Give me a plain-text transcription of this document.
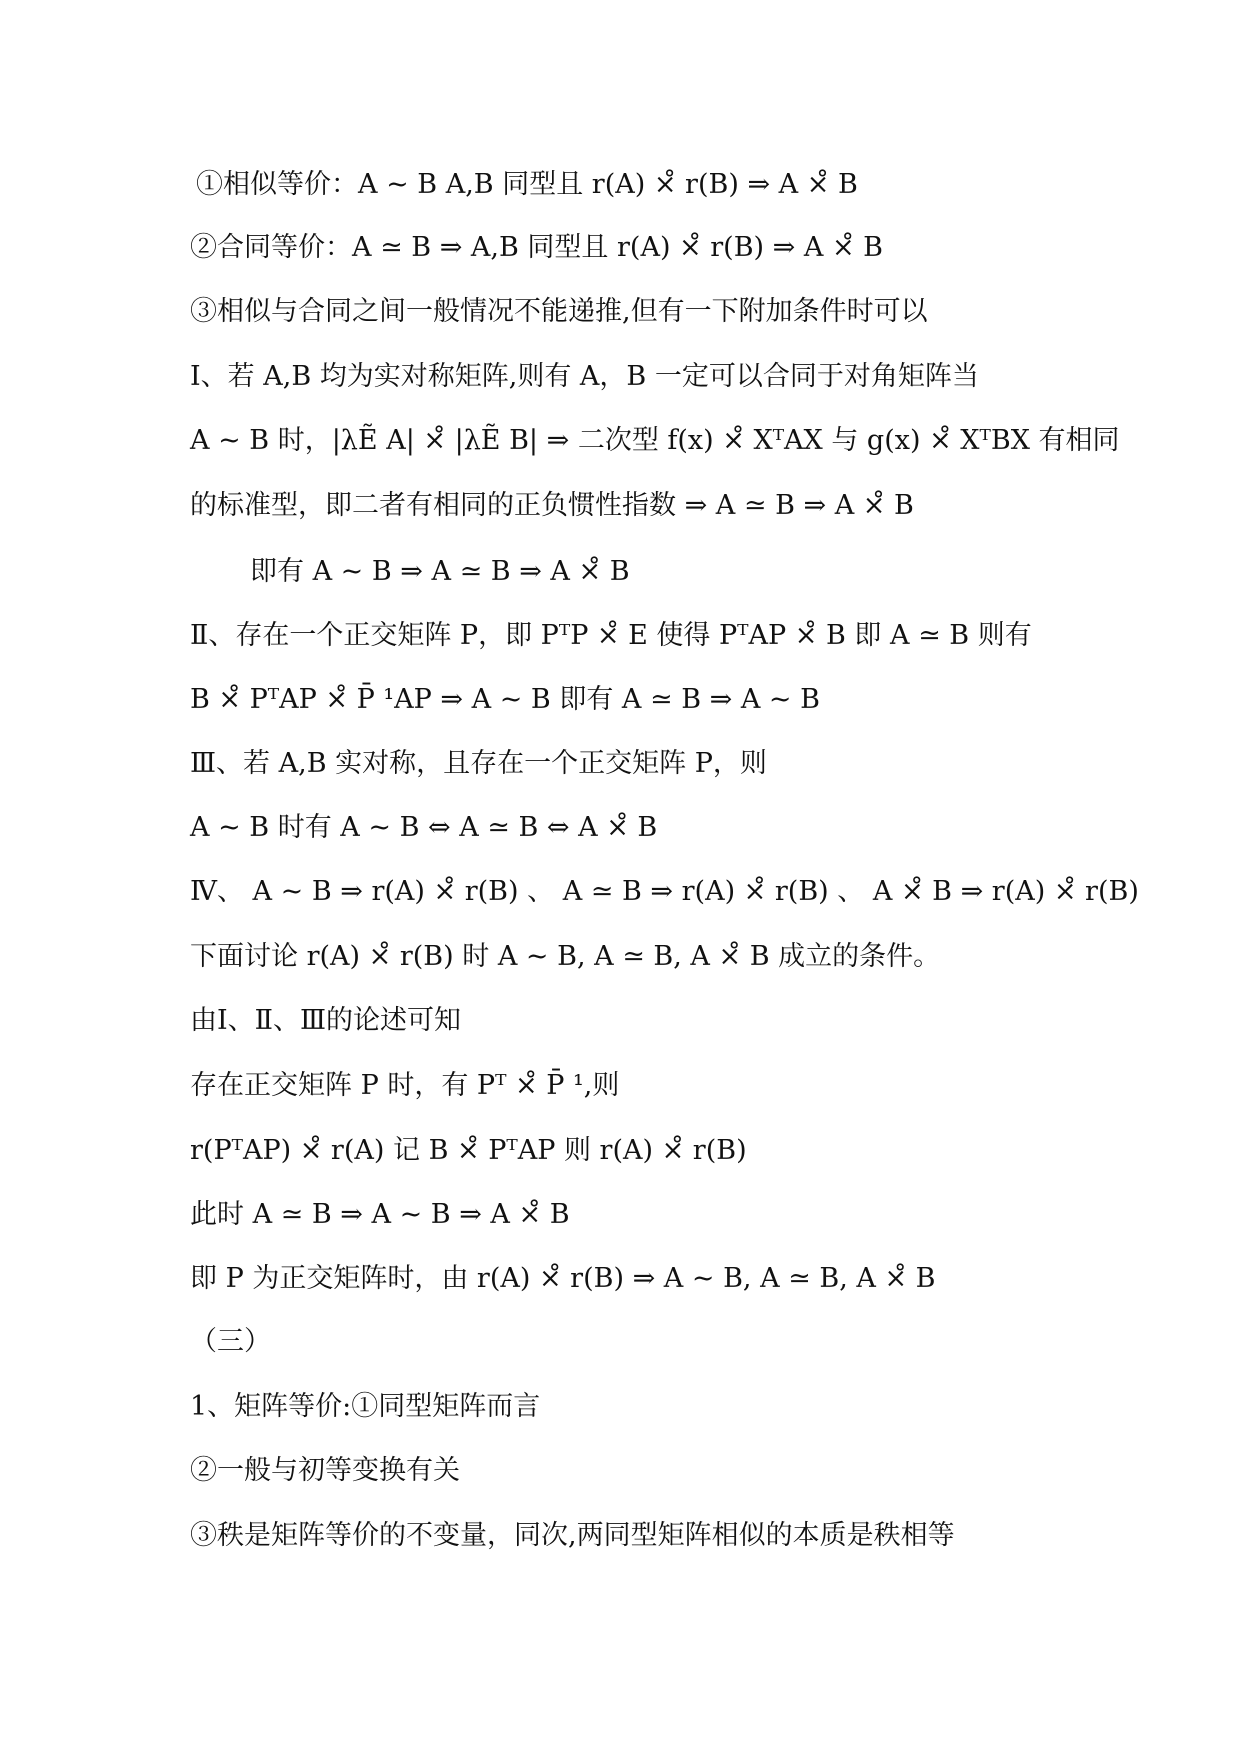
①相似等价：A ~ B A,B 同型且 r(A) ×̊ r(B) ⇒ A ×̊ B
②合同等价：A ≃ B ⇒ A,B 同型且 r(A) ×̊ r(B) ⇒ A ×̊ B
③相似与合同之间一般情况不能递推,但有一下附加条件时可以
Ⅰ、若 A,B 均为实对称矩阵,则有 A，B 一定可以合同于对角矩阵当
A ~ B 时，|λẼ A| ×̊ |λẼ B| ⇒ 二次型 f(x) ×̊ XᵀAX 与 g(x) ×̊ XᵀBX 有相同
的标准型，即二者有相同的正负惯性指数 ⇒ A ≃ B ⇒ A ×̊ B
即有 A ~ B ⇒ A ≃ B ⇒ A ×̊ B
Ⅱ、存在一个正交矩阵 P，即 PᵀP ×̊ E 使得 PᵀAP ×̊ B 即 A ≃ B 则有
B ×̊ PᵀAP ×̊ P̄ ¹AP ⇒ A ~ B 即有 A ≃ B ⇒ A ~ B
Ⅲ、若 A,B 实对称，且存在一个正交矩阵 P，则
A ~ B 时有 A ~ B ⇔ A ≃ B ⇔ A ×̊ B
Ⅳ、 A ~ B ⇒ r(A) ×̊ r(B) 、 A ≃ B ⇒ r(A) ×̊ r(B) 、 A ×̊ B ⇒ r(A) ×̊ r(B)
下面讨论 r(A) ×̊ r(B) 时 A ~ B, A ≃ B, A ×̊ B 成立的条件。
由Ⅰ、Ⅱ、Ⅲ的论述可知
存在正交矩阵 P 时，有 Pᵀ ×̊ P̄ ¹,则
r(PᵀAP) ×̊ r(A) 记 B ×̊ PᵀAP 则 r(A) ×̊ r(B)
此时 A ≃ B ⇒ A ~ B ⇒ A ×̊ B
即 P 为正交矩阵时，由 r(A) ×̊ r(B) ⇒ A ~ B, A ≃ B, A ×̊ B
（三）
1、矩阵等价:①同型矩阵而言
②一般与初等变换有关
③秩是矩阵等价的不变量，同次,两同型矩阵相似的本质是秩相等
